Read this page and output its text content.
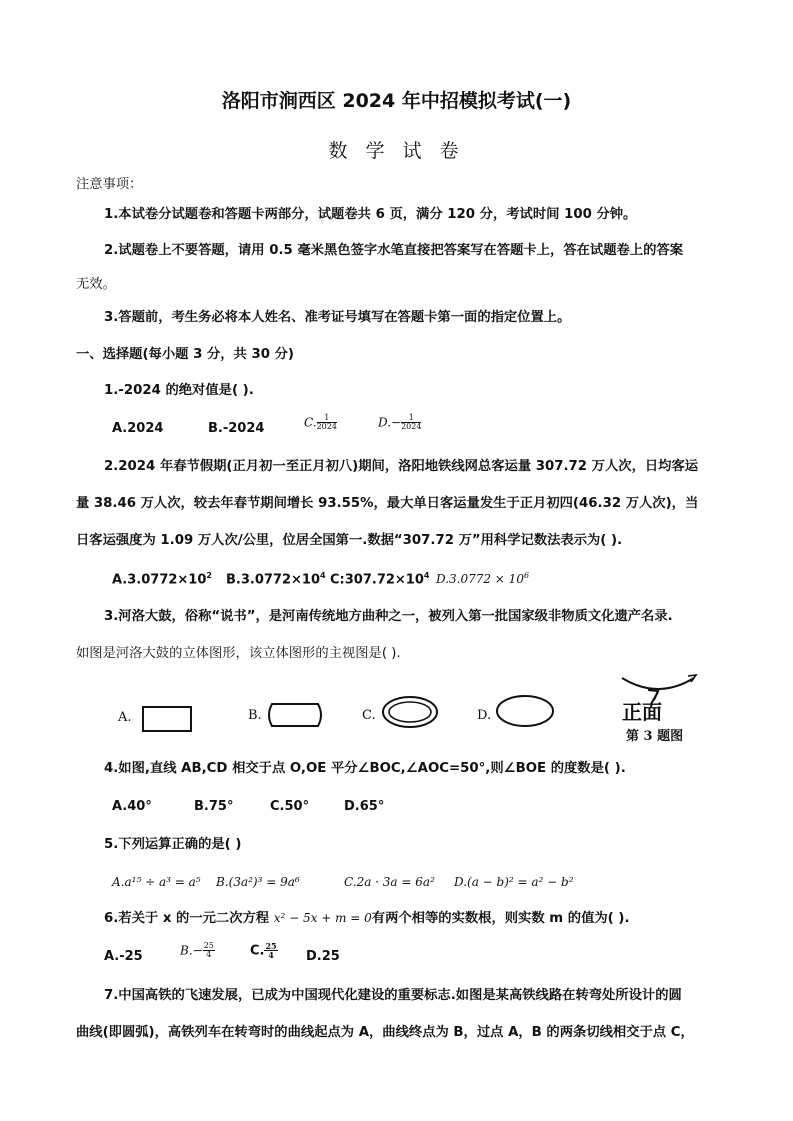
洛阳市涧西区 2024 年中招模拟考试(一)
数 学 试 卷
注意事项：
1.本试卷分试题卷和答题卡两部分，试题卷共 6 页，满分 120 分，考试时间 100 分钟。
2.试题卷上不要答题，请用 0.5 毫米黑色签字水笔直接把答案写在答题卡上，答在试题卷上的答案
无效。
3.答题前，考生务必将本人姓名、准考证号填写在答题卡第一面的指定位置上。
一、选择题(每小题 3 分，共 30 分)
1.-2024 的绝对值是( ).
A.2024	B.-2024	C. $\frac{1}{2024}$	$D.- \frac{1}{2024}$
2.2024 年春节假期(正月初一至正月初八)期间，洛阳地铁线网总客运量 307.72 万人次，日均客运
量 38.46 万人次，较去年春节期间增长 93.55%，最大单日客运量发生于正月初四(46.32 万人次)，当
日客运强度为 1.09 万人次/公里，位居全国第一.数据“307.72 万”用科学记数法表示为( ).
$A.3.0772\times 10^2$ $B.3.0772\times 10^4$ $C:307.72\times 10^4$ $D.3.0772 \times 10^6$
3.河洛大鼓，俗称“说书”，是河南传统地方曲种之一，被列入第一批国家级非物质文化遗产名录.
如图是河洛大鼓的立体图形，该立体图形的主视图是( ).
A.	B.	C.	D.	正面
第 3 题图
4.如图,直线 AB,CD 相交于点 O,OE 平分∠BOC,∠AOC=50°,则∠BOE 的度数是( ).
A.40°	B.75°	C.50°	D.65°
5.下列运算正确的是( )
A.a¹⁵ ÷ a³ = a⁵ B.(3a²)³ = 9a⁶	C.2a · 3a = 6a² D.(a − b)² = a² − b²
6.若关于 x 的一元二次方程 x² − 5x + m = 0有两个相等的实数根，则实数 m 的值为( ).
A.-25	$B.- \frac{25}{4}$	C. $\frac{25}{4} D.25$
7.中国高铁的飞速发展，已成为中国现代化建设的重要标志.如图是某高铁线路在转弯处所设计的圆
曲线(即圆弧)，高铁列车在转弯时的曲线起点为 A，曲线终点为 B，过点 A，B 的两条切线相交于点 C，
